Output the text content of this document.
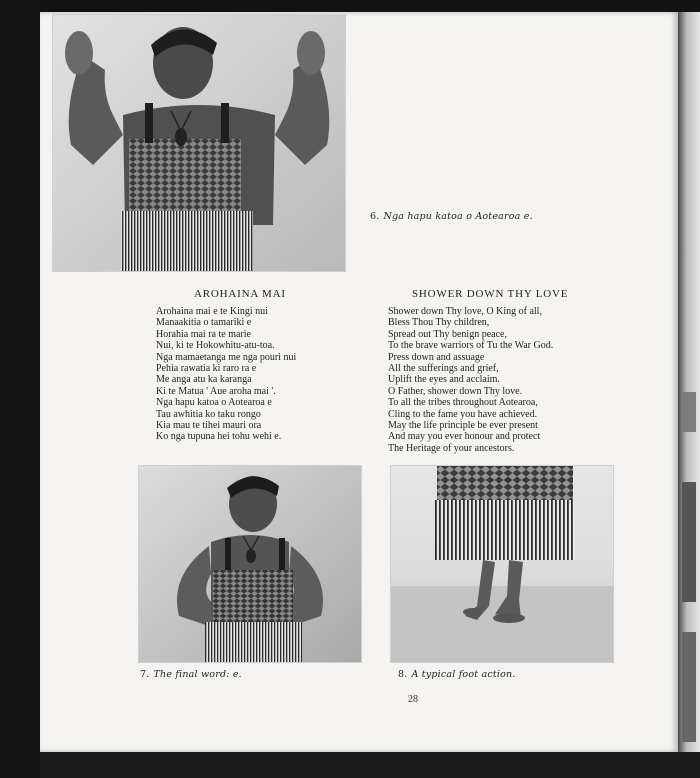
6. Nga hapu katoa o Aotearoa e.
AROHAINA MAI
Arohaina mai e te Kingi nui
Manaakitia o tamariki e
Horahia mai ra te marie
Nui, ki te Hokowhitu-atu-toa.
Nga mamaetanga me nga pouri nui
Pehia rawatia ki raro ra e
Me anga atu ka karanga
Ki te Matua ' Aue aroha mai '.
Nga hapu katoa o Aotearoa e
Tau awhitia ko taku rongo
Kia mau te tihei mauri ora
Ko nga tupuna hei tohu wehi e.
SHOWER DOWN THY LOVE
Shower down Thy love, O King of all,
Bless Thou Thy children,
Spread out Thy benign peace,
To the brave warriors of Tu the War God.
Press down and assuage
All the sufferings and grief,
Uplift the eyes and acclaim.
O Father, shower down Thy love.
To all the tribes throughout Aotearoa,
Cling to the fame you have achieved.
May the life principle be ever present
And may you ever honour and protect
The Heritage of your ancestors.
7. The final word: e.	8. A typical foot action.
28
